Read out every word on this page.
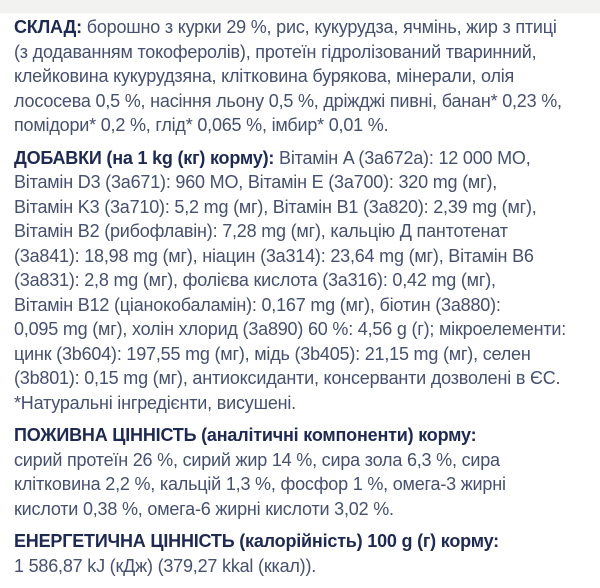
СКЛАД: борошно з курки 29 %, рис, кукурудза, ячмінь, жир з птиці

(з додаванням токоферолів), протеїн гідролізований тваринний,

клейковина кукурудзяна, клітковина бурякова, мінерали, олія

лососева 0,5 %, насіння льону 0,5 %, дріжджі пивні, банан* 0,23 %,

помідори* 0,2 %, глід* 0,065 %, імбир* 0,01 %.

ДОБАВКИ (на 1 kg (кг) корму): Вітамін A (3a672a): 12 000 МО,

Вітамін D3 (3a671): 960 МО, Вітамін E (3a700): 320 mg (мг),

Вітамін K3 (3a710): 5,2 mg (мг), Вітамін B1 (3a820): 2,39 mg (мг),

Вітамін B2 (рибофлавін): 7,28 mg (мг), кальцію Д пантотенат

(3a841): 18,98 mg (мг), ніацин (3a314): 23,64 mg (мг), Вітамін B6

(3a831): 2,8 mg (мг), фолієва кислота (3a316): 0,42 mg (мг),

Вітамін B12 (ціанокобаламін): 0,167 mg (мг), біотин (3a880):

0,095 mg (мг), холін хлорид (3a890) 60 %: 4,56 g (г); мікроелементи:

цинк (3b604): 197,55 mg (мг), мідь (3b405): 21,15 mg (мг), селен

(3b801): 0,15 mg (мг), антиоксиданти, консерванти дозволені в ЄС.

*Натуральні інгредієнти, висушені.

ПОЖИВНА ЦІННІСТЬ (аналітичні компоненти) корму:

сирий протеїн 26 %, сирий жир 14 %, сира зола 6,3 %, сира

клітковина 2,2 %, кальцій 1,3 %, фосфор 1 %, омега-3 жирні

кислоти 0,38 %, омега-6 жирні кислоти 3,02 %.

ЕНЕРГЕТИЧНА ЦІННІСТЬ (калорійність) 100 g (г) корму:

1 586,87 kJ (кДж) (379,27 kkal (ккал)).
